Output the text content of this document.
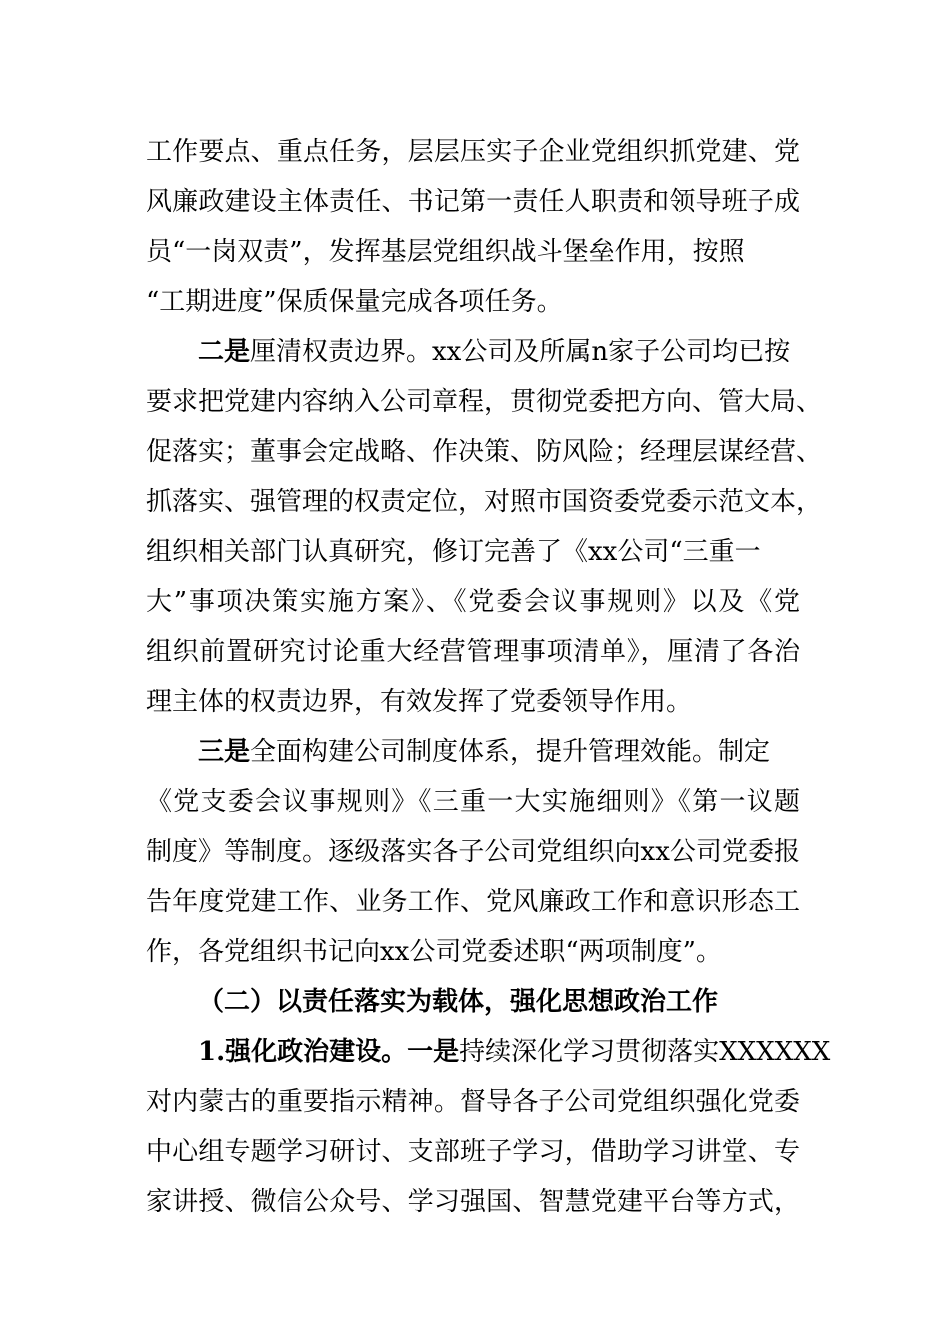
工作要点、重点任务，层层压实子企业党组织抓党建、党
风廉政建设主体责任、书记第一责任人职责和领导班子成
员“一岗双责”，发挥基层党组织战斗堡垒作用，按照
“工期进度”保质保量完成各项任务。
二是厘清权责边界。xx公司及所属n家子公司均已按
要求把党建内容纳入公司章程，贯彻党委把方向、管大局、
促落实；董事会定战略、作决策、防风险；经理层谋经营、
抓落实、强管理的权责定位，对照市国资委党委示范文本，
组织相关部门认真研究，修订完善了《xx公司“三重一
大”事项决策实施方案》、《党委会议事规则》以及《党
组织前置研究讨论重大经营管理事项清单》，厘清了各治
理主体的权责边界，有效发挥了党委领导作用。
三是全面构建公司制度体系，提升管理效能。制定
《党支委会议事规则》《三重一大实施细则》《第一议题
制度》等制度。逐级落实各子公司党组织向xx公司党委报
告年度党建工作、业务工作、党风廉政工作和意识形态工
作，各党组织书记向xx公司党委述职“两项制度”。
（二）以责任落实为载体，强化思想政治工作
1.强化政治建设。一是持续深化学习贯彻落实XXXXXX
对内蒙古的重要指示精神。督导各子公司党组织强化党委
中心组专题学习研讨、支部班子学习，借助学习讲堂、专
家讲授、微信公众号、学习强国、智慧党建平台等方式，
